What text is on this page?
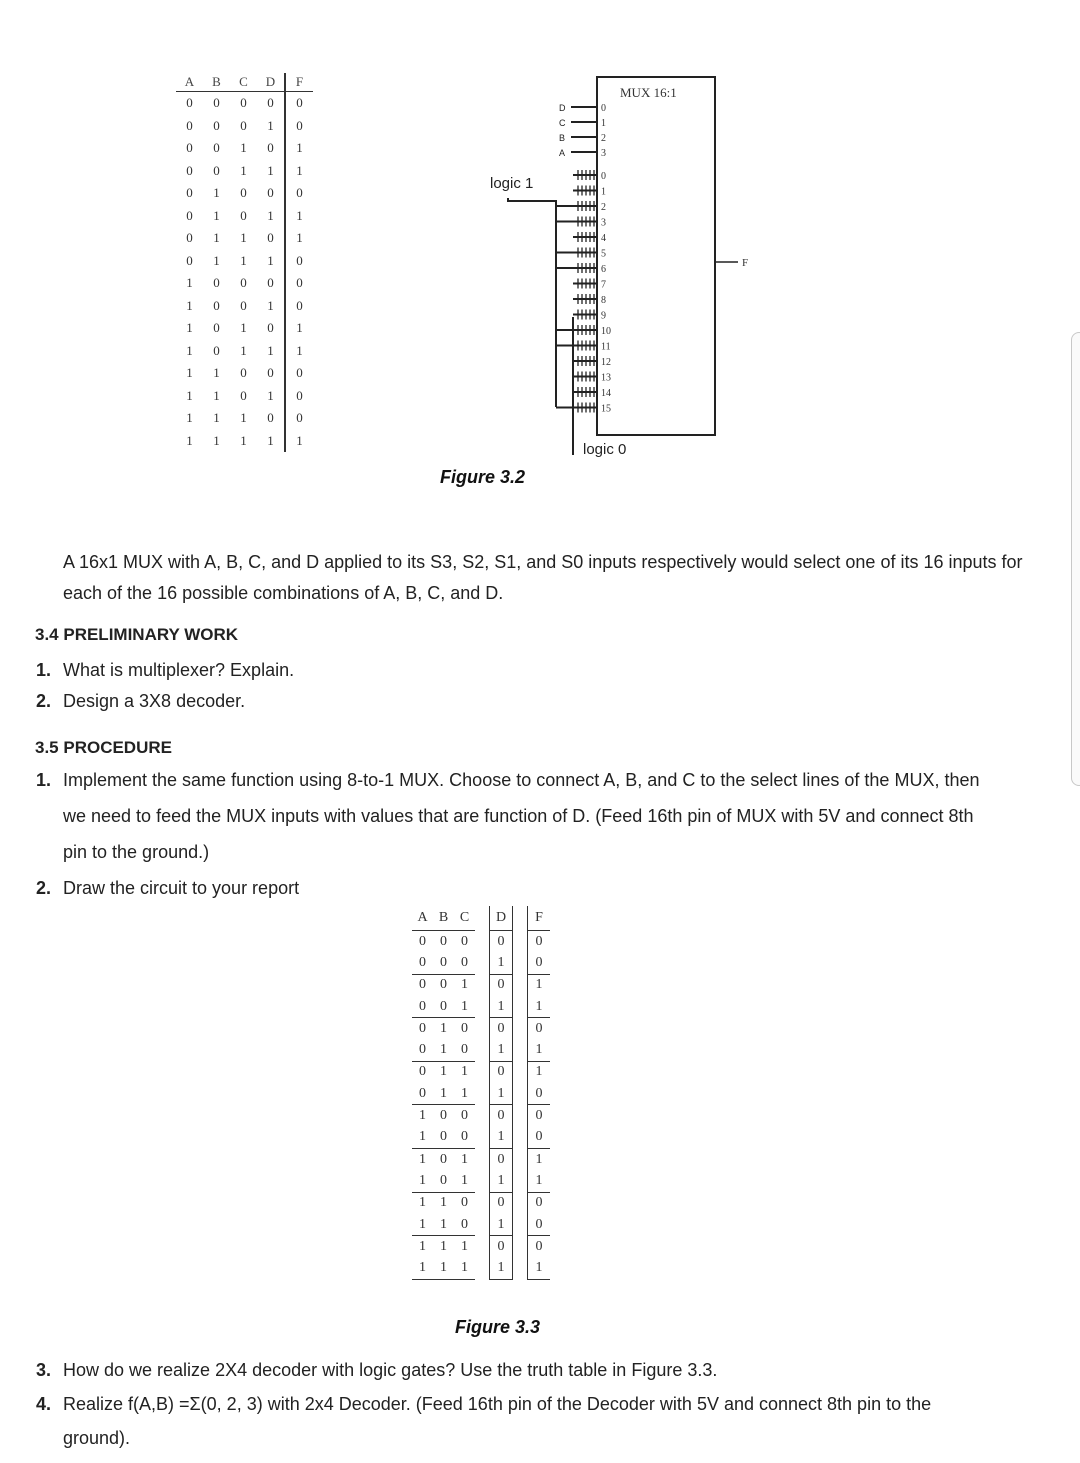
A	B	C	D	F
0	0	0	0	0
0	0	0	1	0
0	0	1	0	1
0	0	1	1	1
0	1	0	0	0
0	1	0	1	1
0	1	1	0	1
0	1	1	1	0
1	0	0	0	0
1	0	0	1	0
1	0	1	0	1
1	0	1	1	1
1	1	0	0	0
1	1	0	1	0
1	1	1	0	0
1	1	1	1	1
MUX 16:1
D	0
C	1
B	2
A	3
0
1
2
3
4
5
6
7
8
9
10
11
12
13
14
15
logic 1
logic 0
F
Figure 3.2
A 16x1 MUX with A, B, C, and D applied to its S3, S2, S1, and S0 inputs respectively would select one of its 16 inputs for each of the 16 possible combinations of A, B, C, and D.
3.4 PRELIMINARY WORK
1. What is multiplexer? Explain.
2. Design a 3X8 decoder.
3.5 PROCEDURE
1. Implement the same function using 8-to-1 MUX. Choose to connect A, B, and C to the select lines of the MUX, then we need to feed the MUX inputs with values that are function of D. (Feed 16th pin of MUX with 5V and connect 8th pin to the ground.)
2. Draw the circuit to your report
A	B	C		D		F
0	0	0		0		0
0	0	0		1		0
0	0	1		0		1
0	0	1		1		1
0	1	0		0		0
0	1	0		1		1
0	1	1		0		1
0	1	1		1		0
1	0	0		0		0
1	0	0		1		0
1	0	1		0		1
1	0	1		1		1
1	1	0		0		0
1	1	0		1		0
1	1	1		0		0
1	1	1		1		1
Figure 3.3
3. How do we realize 2X4 decoder with logic gates? Use the truth table in Figure 3.3.
4. Realize f(A,B) =Σ(0, 2, 3) with 2x4 Decoder. (Feed 16th pin of the Decoder with 5V and connect 8th pin to the ground).
